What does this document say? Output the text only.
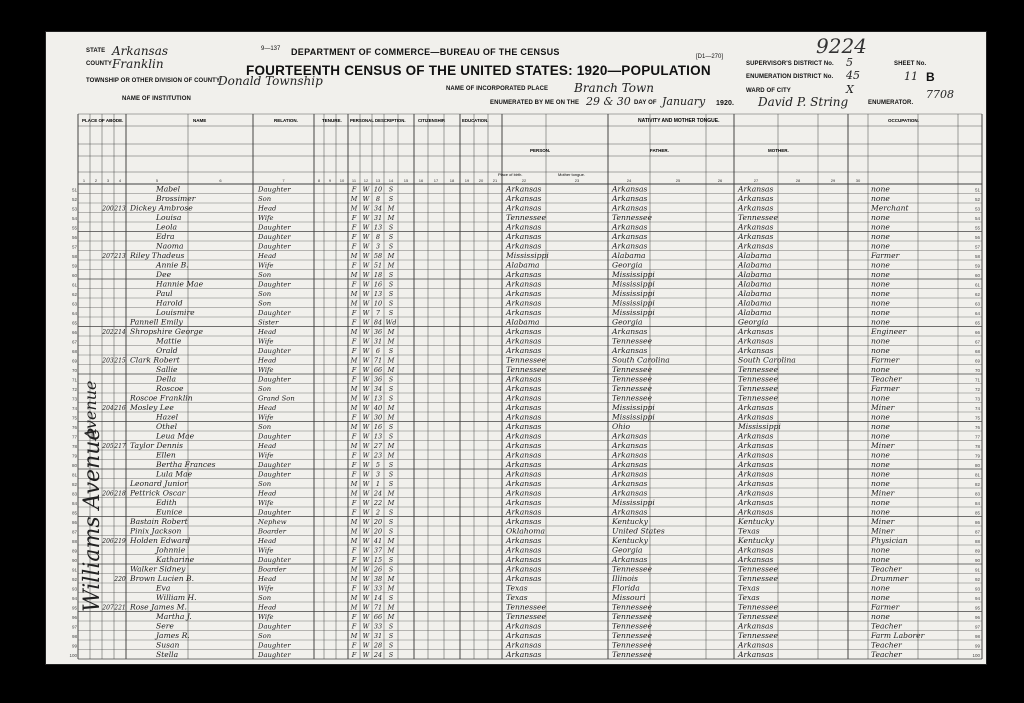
STATE Arkansas
COUNTY Franklin
TOWNSHIP OR OTHER DIVISION OF COUNTY
Donald Township
NAME OF INSTITUTION
9—137 DEPARTMENT OF COMMERCE—BUREAU OF THE CENSUS
FOURTEENTH CENSUS OF THE UNITED STATES: 1920—POPULATION
[D1—270]
NAME OF INCORPORATED PLACE Branch Town
ENUMERATED BY ME ON THE 29 & 30 DAY OF January 1920. David P. String	ENUMERATOR.
9224
SUPERVISOR'S DISTRICT No. 5
ENUMERATION DISTRICT No. 45
WARD OF CITY	X
SHEET No.
11 B
7708
1 2 3 4	5	6	7	8 9 10 11 12 13 14	15	16	17	18	19 20 21	22	23	24	25	26	27	28	29	30
PLACE OF ABODE.	NAME	RELATION.	TENURE. PERSONAL DESCRIPTION.	CITIZENSHIP.	EDUCATION.	NATIVITY AND MOTHER TONGUE.
PERSON.	FATHER.	MOTHER.
Place of birth.	Mother tongue.
OCCUPATION.
51
51	Mabel	Daughter	F W 10 S	Arkansas	Arkansas	Arkansas	none
52
52	Brossimer	Son	M W 8 S	Arkansas	Arkansas	Arkansas	none
53
53	200 213 Dickey Ambrose	Head	M W 34 M	Arkansas	Arkansas	Arkansas	Merchant
54
54	Louisa	Wife	F W 31 M	Tennessee	Tennessee	Tennessee	none
55
55	Leola	Daughter	F W 13 S	Arkansas	Arkansas	Arkansas	none
56
56	Edra	Daughter	F W 8 S	Arkansas	Arkansas	Arkansas	none
57
57	Naoma	Daughter	F W 3 S	Arkansas	Arkansas	Arkansas	none
58
58	207 213 Riley Thadeus	Head	M W 58 M	Mississippi	Alabama	Alabama	Farmer
59
59	Annie B.	Wife	F W 51 M	Alabama	Georgia	Alabama	none
60
60	Dee	Son	M W 18 S	Arkansas	Mississippi	Alabama	none
61
61	Hannie Mae	Daughter	F W 16 S	Arkansas	Mississippi	Alabama	none
62
62	Paul	Son	M W 13 S	Arkansas	Mississippi	Alabama	none
63
63	Harold	Son	M W 10 S	Arkansas	Mississippi	Alabama	none
64
64	Louismire	Daughter	F W 7 S	Arkansas	Mississippi	Alabama	none
65
65	Pannell Emily	Sister	F W 84 Wd	Alabama	Georgia	Georgia	none
66
66	202 214 Shropshire George	Head	M W 36 M	Arkansas	Arkansas	Arkansas	Engineer
67
67	Mattie	Wife	F W 31 M	Arkansas	Tennessee	Arkansas	none
68
68	Orald	Daughter	F W 6 S	Arkansas	Arkansas	Arkansas	none
69
69	203 215 Clark Robert	Head	M W 71 M	Tennessee	South Carolina	South Carolina	Farmer
70
70	Sallie	Wife	F W 66 M	Tennessee	Tennessee	Tennessee	none
71
71	Della	Daughter	F W 36 S	Arkansas	Tennessee	Tennessee	Teacher
72
72	Roscoe	Son	M W 34 S	Arkansas	Tennessee	Tennessee	Farmer
73
73	Roscoe Franklin	Grand Son	M W 13 S	Arkansas	Tennessee	Tennessee	none
74
74	204 216 Mosley Lee	Head	M W 40 M	Arkansas	Mississippi	Arkansas	Miner
75
75	Hazel	Wife	F W 30 M	Arkansas	Mississippi	Arkansas	none
76
76	Othel	Son	M W 16 S	Arkansas	Ohio	Mississippi	none
77
77	Leua Mae	Daughter	F W 13 S	Arkansas	Arkansas	Arkansas	none
78
78	205 217 Taylor Dennis	Head	M W 27 M	Arkansas	Arkansas	Arkansas	Miner
79
79	Ellen	Wife	F W 23 M	Arkansas	Arkansas	Arkansas	none
80
80	Bertha Frances	Daughter	F W 5 S	Arkansas	Arkansas	Arkansas	none
81
81	Lula Mae	Daughter	F W 3 S	Arkansas	Arkansas	Arkansas	none
82
82	Leonard Junior	Son	M W 1 S	Arkansas	Arkansas	Arkansas	none
83
83	206 218 Pettrick Oscar	Head	M W 24 M	Arkansas	Arkansas	Arkansas	Miner
84
84	Edith	Wife	F W 22 M	Arkansas	Mississippi	Arkansas	none
85
85	Eunice	Daughter	F W 2 S	Arkansas	Arkansas	Arkansas	none
86
86	Bastain Robert	Nephew	M W 20 S	Arkansas	Kentucky	Kentucky	Miner
87
87	Pinix Jackson	Boarder	M W 20 S	Oklahoma	United States	Texas	Miner
88
88	206 219 Holden Edward	Head	M W 41 M	Arkansas	Kentucky	Kentucky	Physician
89
89	Johnnie	Wife	F W 37 M	Arkansas	Georgia	Arkansas	none
90
90	Katharine	Daughter	F W 15 S	Arkansas	Arkansas	Arkansas	none
91
91	Walker Sidney	Boarder	M W 26 S	Arkansas	Tennessee	Tennessee	Teacher
92
92	220 Brown Lucien B.	Head	M W 38 M	Arkansas	Illinois	Tennessee	Drummer
93
93	Eva	Wife	F W 33 M	Texas	Florida	Texas	none
94
94	William H.	Son	M W 14 S	Texas	Missouri	Texas	none
95
95	207 221 Rose James M.	Head	M W 71 M	Tennessee	Tennessee	Tennessee	Farmer
96
96	Martha J.	Wife	F W 66 M	Tennessee	Tennessee	Tennessee	none
97
97	Sere	Daughter	F W 33 S	Arkansas	Tennessee	Arkansas	Teacher
98
98	James R.	Son	M W 31 S	Arkansas	Tennessee	Tennessee	Farm Laborer
99
99	Susan	Daughter	F W 28 S	Arkansas	Tennessee	Arkansas	Teacher
100
100	Stella	Daughter	F W 24 S	Arkansas	Tennessee	Arkansas	Teacher
Williams Avenue
Avenue
